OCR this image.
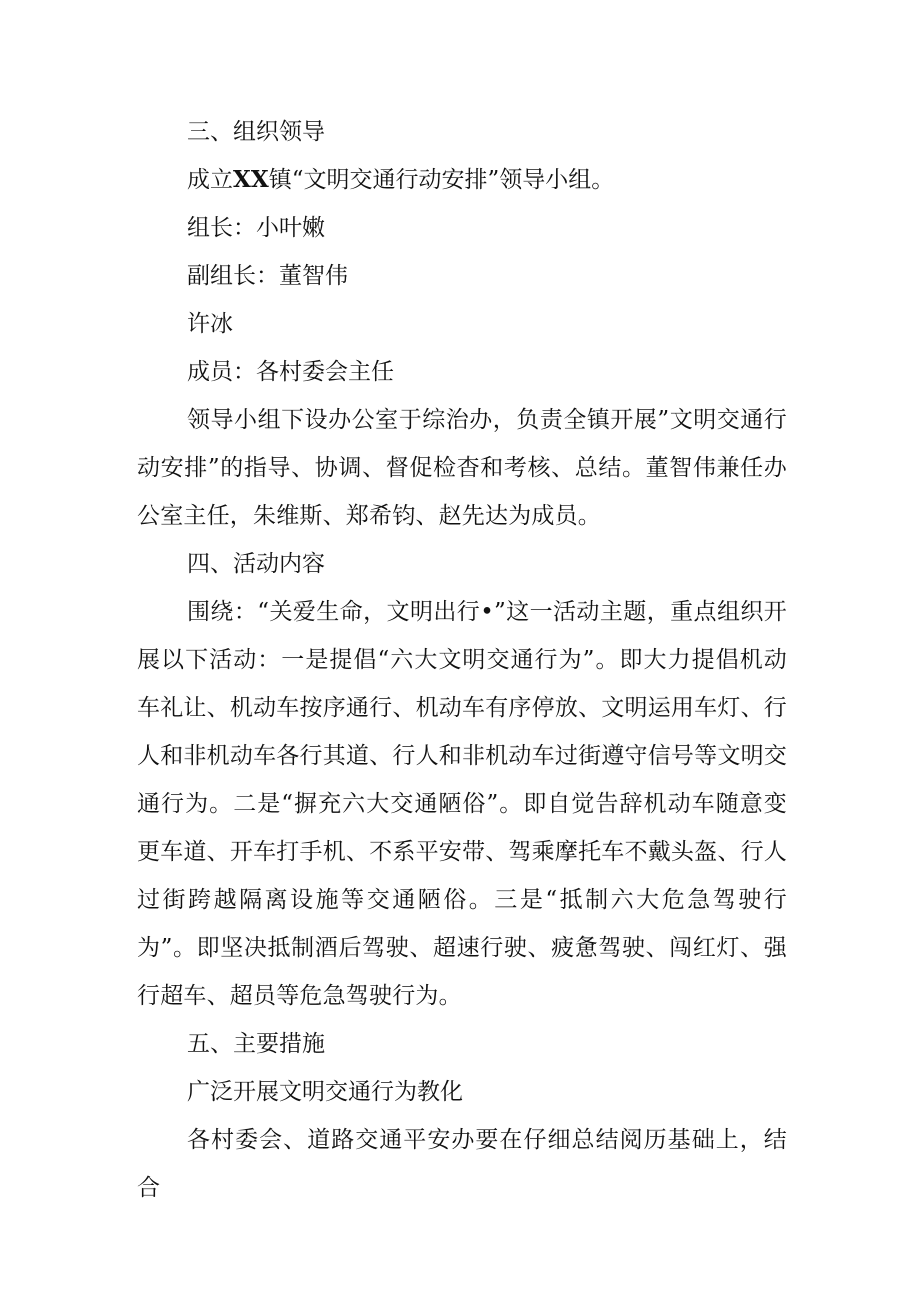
三、组织领导

成立XX镇“文明交通行动安排”领导小组。

组长：小叶嫩

副组长：董智伟

许冰

成员：各村委会主任

领导小组下设办公室于综治办，负责全镇开展”文明交通行动安排”的指导、协调、督促检杳和考核、总结。董智伟兼任办公室主任，朱维斯、郑希钧、赵先达为成员。

四、活动内容

围绕：“关爱生命，文明出行•”这一活动主题，重点组织开展以下活动：一是提倡“六大文明交通行为”。即大力提倡机动车礼让、机动车按序通行、机动车有序停放、文明运用车灯、行人和非机动车各行其道、行人和非机动车过街遵守信号等文明交通行为。二是“摒充六大交通陋俗”。即自觉告辞机动车随意变更车道、开车打手机、不系平安带、驾乘摩托车不戴头盔、行人过街跨越隔离设施等交通陋俗。三是“抵制六大危急驾驶行为”。即坚决抵制酒后驾驶、超速行驶、疲惫驾驶、闯红灯、强行超车、超员等危急驾驶行为。

五、主要措施

广泛开展文明交通行为教化

各村委会、道路交通平安办要在仔细总结阅历基础上，结合
